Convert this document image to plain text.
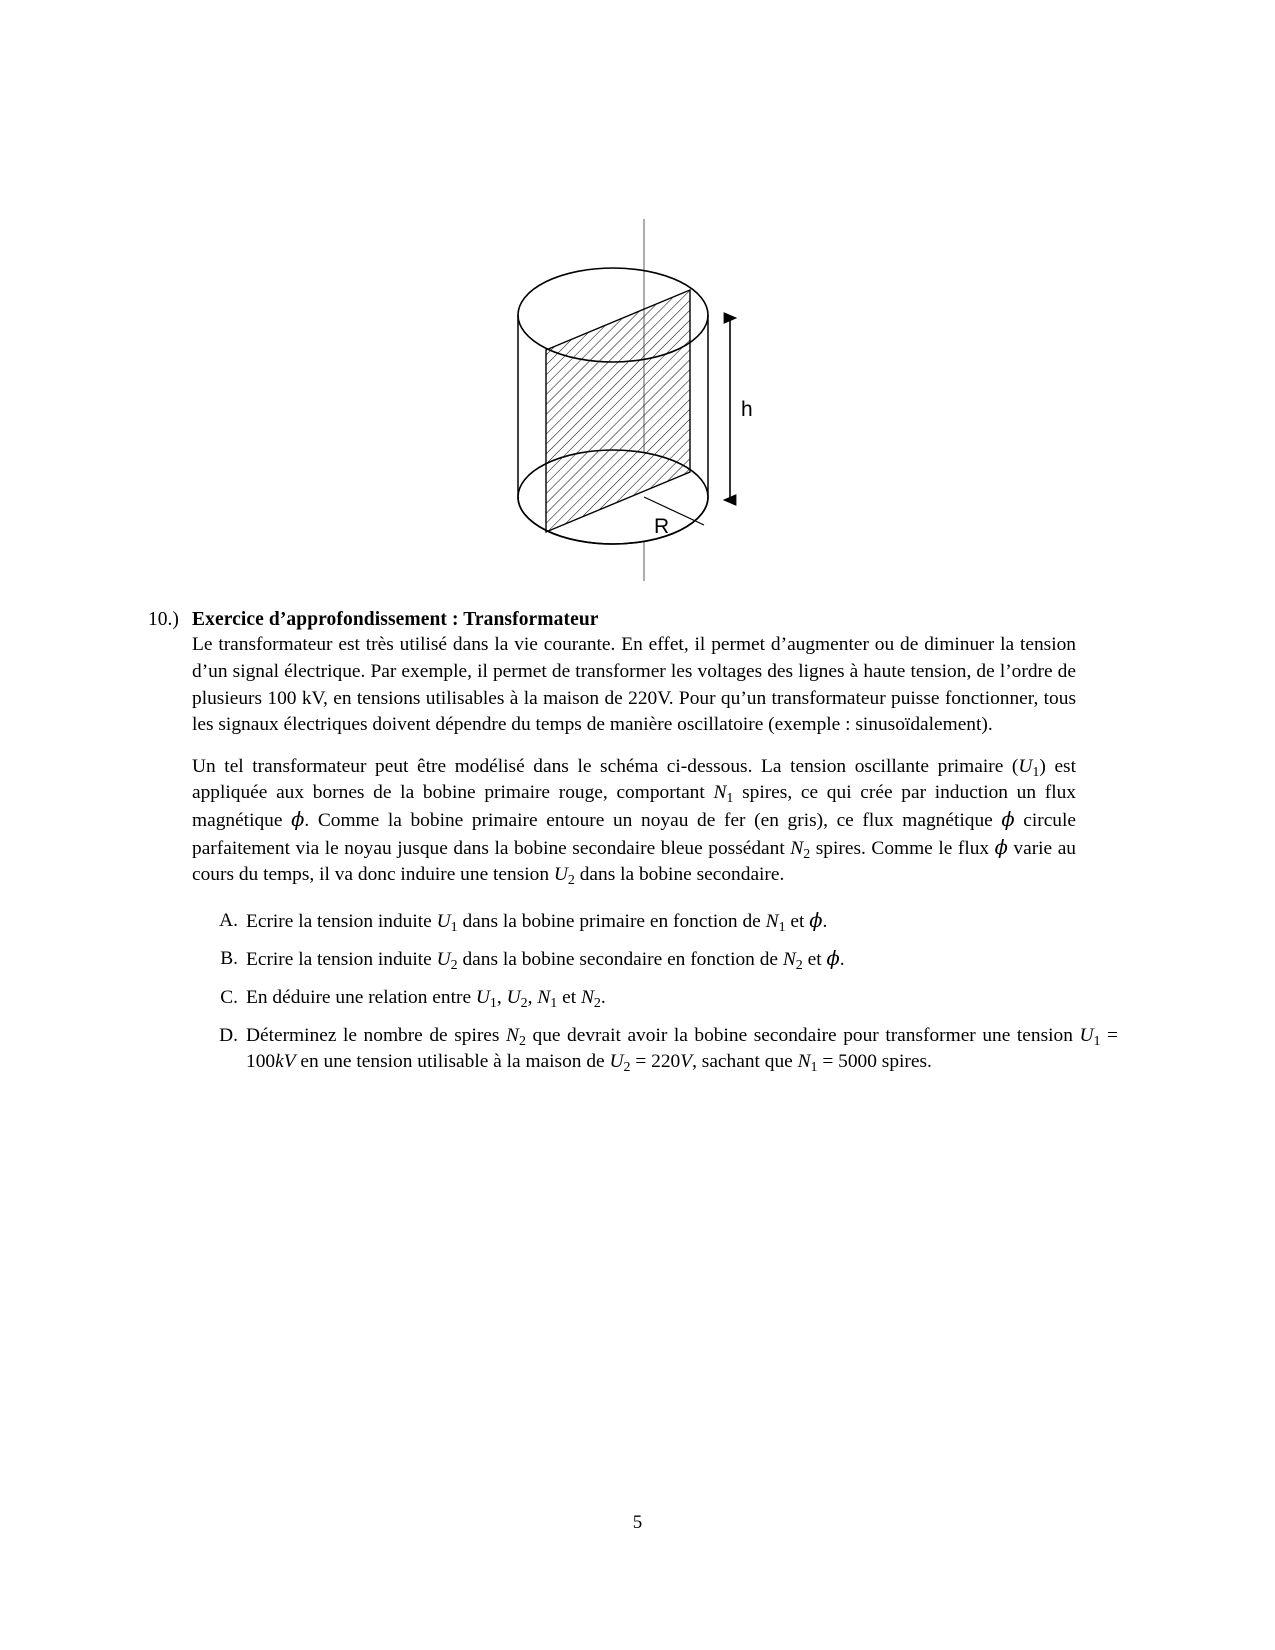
h
R
10.) Exercice d’approfondissement : Transformateur

Le transformateur est très utilisé dans la vie courante. En effet, il permet d’augmenter ou de diminuer la tension d’un signal électrique. Par exemple, il permet de transformer les voltages des lignes à haute tension, de l’ordre de plusieurs 100 kV, en tensions utilisables à la maison de 220V. Pour qu’un transformateur puisse fonctionner, tous les signaux électriques doivent dépendre du temps de manière oscillatoire (exemple : sinusoïdalement).

Un tel transformateur peut être modélisé dans le schéma ci-dessous. La tension oscillante primaire $(U_1)$ est appliquée aux bornes de la bobine primaire rouge, comportant $N_1$ spires, ce qui crée par induction un flux magnétique ϕ. Comme la bobine primaire entoure un noyau de fer (en gris), ce flux magnétique ϕ circule parfaitement via le noyau jusque dans la bobine secondaire bleue possédant $N_2$ spires. Comme le flux ϕ varie au cours du temps, il va donc induire une tension $U_2$ dans la bobine secondaire.

A. Ecrire la tension induite $U_1$ dans la bobine primaire en fonction de $N_1$ et ϕ.
B. Ecrire la tension induite $U_2$ dans la bobine secondaire en fonction de $N_2$ et ϕ.
C. En déduire une relation entre $U_1$, $U_2$, $N_1$ et $N_2$.
D. Déterminez le nombre de spires $N_2$ que devrait avoir la bobine secondaire pour transformer une tension $U_1 = 100kV$ en une tension utilisable à la maison de $U_2 = 220V$, sachant que $N_1 = 5000$ spires.
5
